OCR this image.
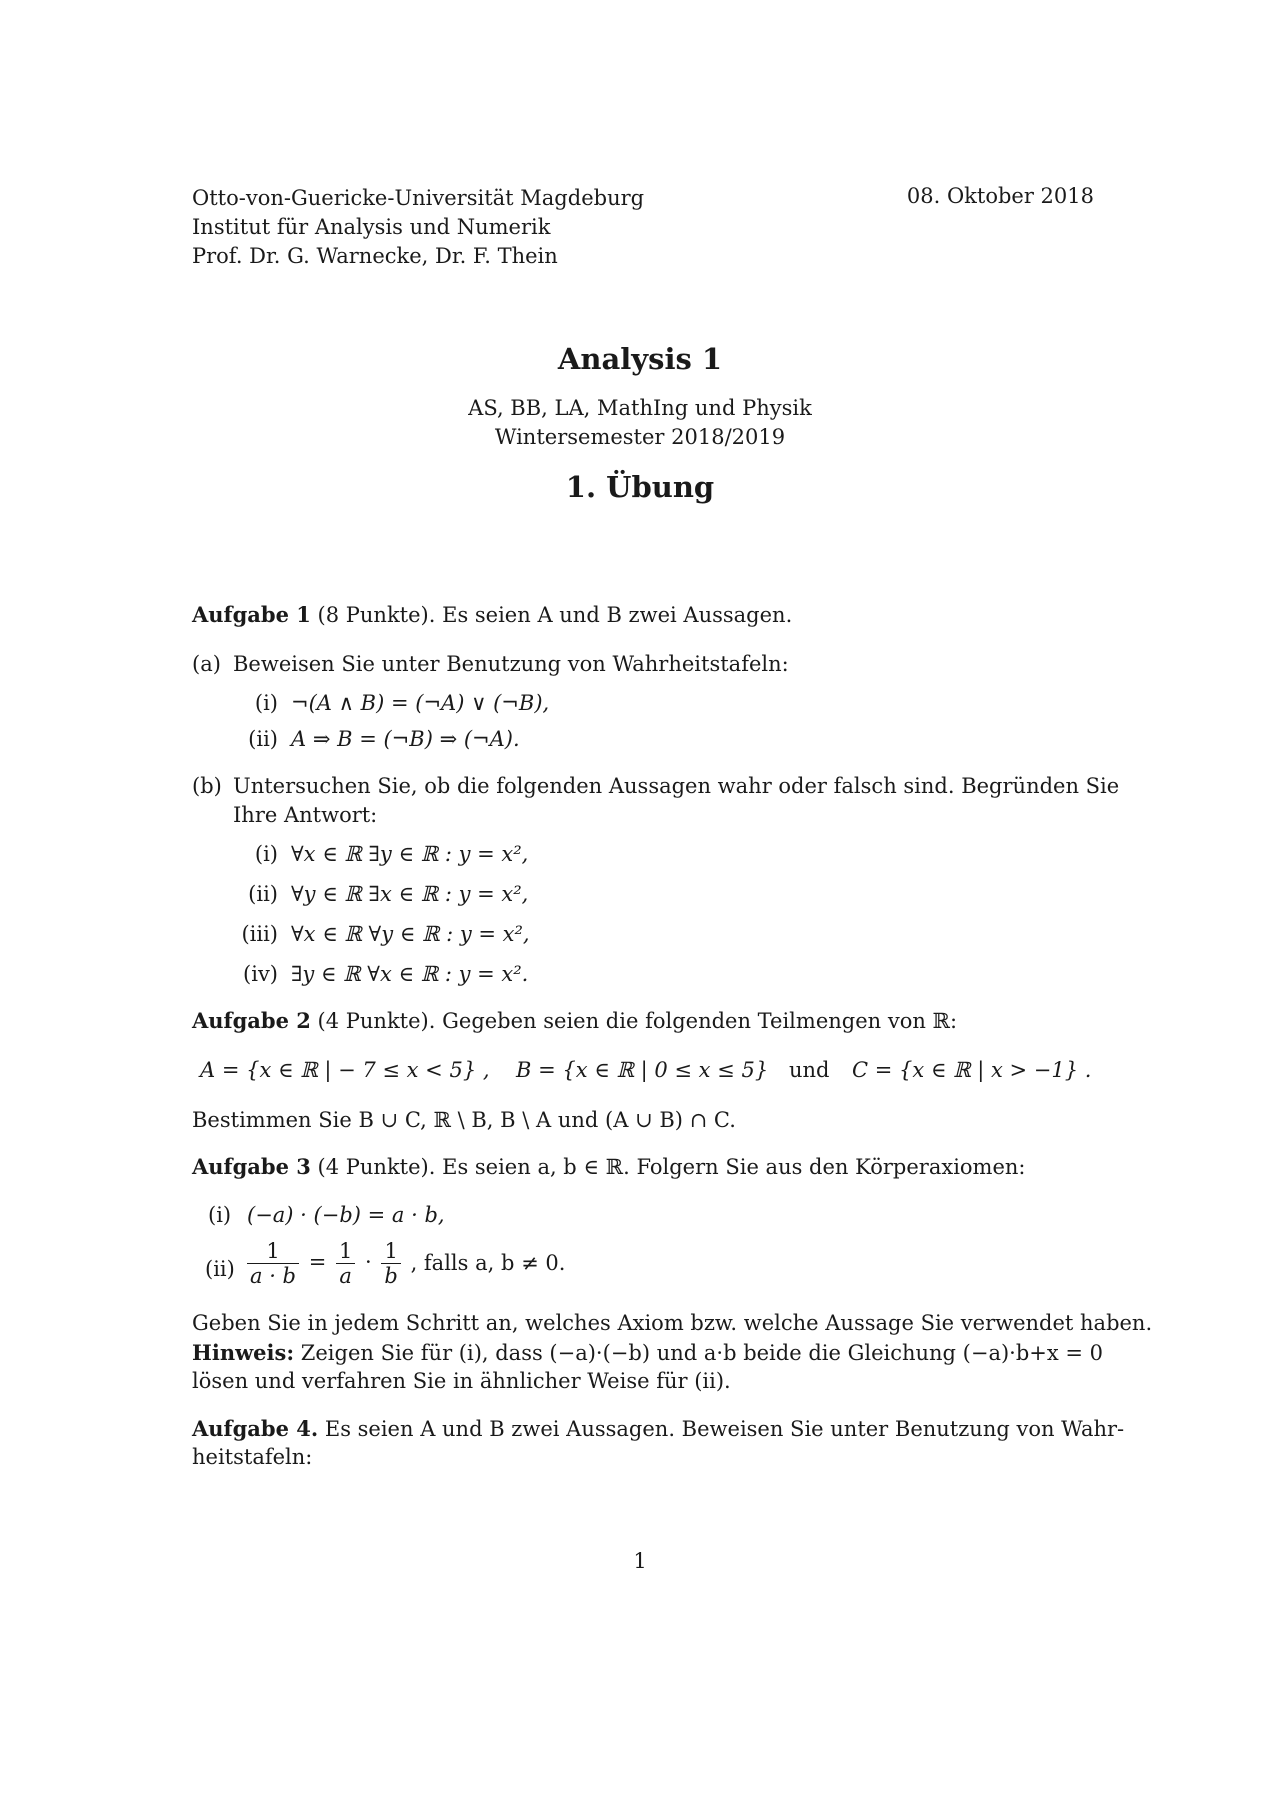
Otto-von-Guericke-Universität Magdeburg
Institut für Analysis und Numerik
Prof. Dr. G. Warnecke, Dr. F. Thein
08. Oktober 2018
Analysis 1
AS, BB, LA, MathIng und Physik
Wintersemester 2018/2019
1. Übung
Aufgabe 1 (8 Punkte). Es seien A und B zwei Aussagen.
(a) Beweisen Sie unter Benutzung von Wahrheitstafeln:
(i) ¬(A ∧ B) = (¬A) ∨ (¬B),
(ii) A ⇒ B = (¬B) ⇒ (¬A).
(b) Untersuchen Sie, ob die folgenden Aussagen wahr oder falsch sind. Begründen Sie
Ihre Antwort:
(i) ∀x ∈ ℝ ∃y ∈ ℝ : y = x²,
(ii) ∀y ∈ ℝ ∃x ∈ ℝ : y = x²,
(iii) ∀x ∈ ℝ ∀y ∈ ℝ : y = x²,
(iv) ∃y ∈ ℝ ∀x ∈ ℝ : y = x².
Aufgabe 2 (4 Punkte). Gegeben seien die folgenden Teilmengen von ℝ:
A = {x ∈ ℝ | − 7 ≤ x < 5} , B = {x ∈ ℝ | 0 ≤ x ≤ 5} und C = {x ∈ ℝ | x > −1} .
Bestimmen Sie B ∪ C, ℝ \ B, B \ A und (A ∪ B) ∩ C.
Aufgabe 3 (4 Punkte). Es seien a, b ∈ ℝ. Folgern Sie aus den Körperaxiomen:
(i) (−a) · (−b) = a · b,
$(ii) \frac{1}{a \cdot b} = \frac{1}{a} \cdot \frac{1}{b}$ , falls a, b ≠ 0.
Geben Sie in jedem Schritt an, welches Axiom bzw. welche Aussage Sie verwendet haben.
Hinweis: Zeigen Sie für (i), dass (−a)·(−b) und a·b beide die Gleichung (−a)·b+x = 0
lösen und verfahren Sie in ähnlicher Weise für (ii).
Aufgabe 4. Es seien A und B zwei Aussagen. Beweisen Sie unter Benutzung von Wahr-
heitstafeln:
1
